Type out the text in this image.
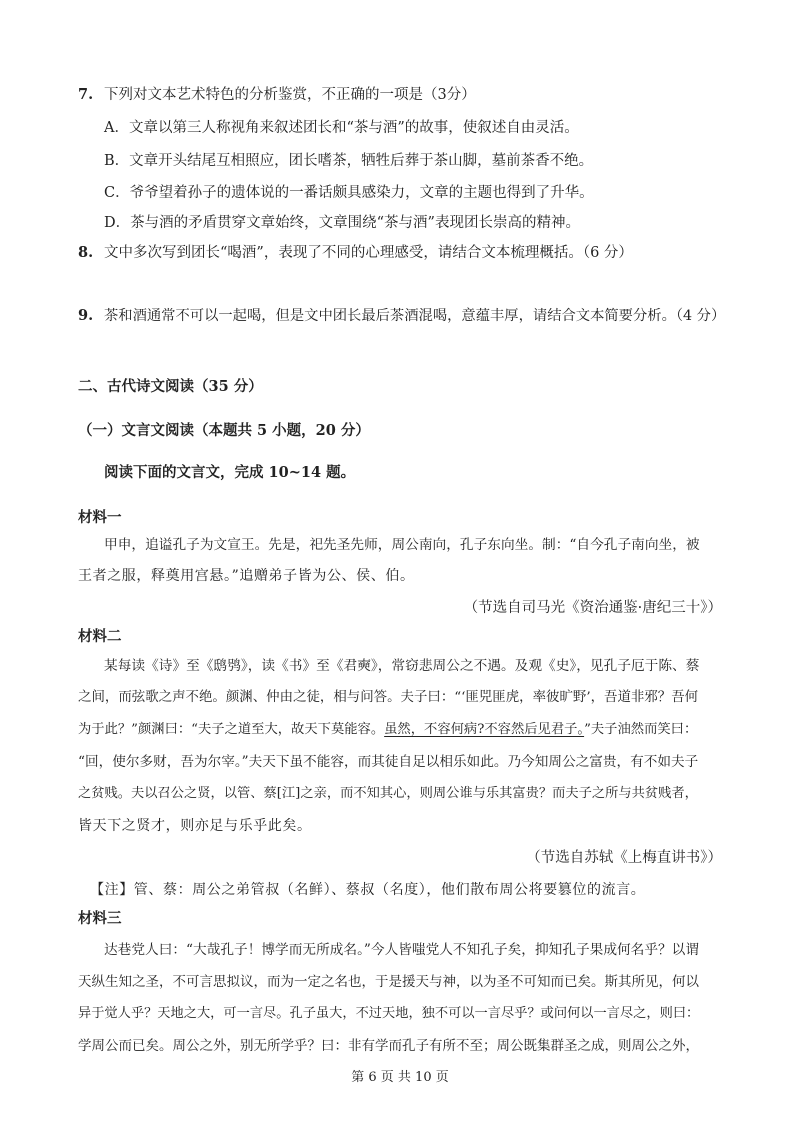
7. 下列对文本艺术特色的分析鉴赏，不正确的一项是（3分）
A．文章以第三人称视角来叙述团长和“茶与酒”的故事，使叙述自由灵活。
B．文章开头结尾互相照应，团长嗜茶，牺牲后葬于茶山脚，墓前茶香不绝。
C．爷爷望着孙子的遗体说的一番话颇具感染力，文章的主题也得到了升华。
D．茶与酒的矛盾贯穿文章始终，文章围绕“茶与酒”表现团长崇高的精神。
8. 文中多次写到团长“喝酒”，表现了不同的心理感受，请结合文本梳理概括。（6 分）
9. 茶和酒通常不可以一起喝，但是文中团长最后茶酒混喝，意蕴丰厚，请结合文本简要分析。（4 分）
二、古代诗文阅读（35 分）
（一）文言文阅读（本题共 5 小题，20 分）
阅读下面的文言文，完成 10~14 题。
材料一
甲申，追谥孔子为文宣王。先是，祀先圣先师，周公南向，孔子东向坐。制：“自今孔子南向坐，被
王者之服，释奠用宫悬。”追赠弟子皆为公、侯、伯。
（节选自司马光《资治通鉴·唐纪三十》）
材料二
某每读《诗》至《鸱鸮》，读《书》至《君奭》，常窃悲周公之不遇。及观《史》，见孔子厄于陈、蔡
之间，而弦歌之声不绝。颜渊、仲由之徒，相与问答。夫子曰：“‘匪兕匪虎，率彼旷野’，吾道非邪？吾何
为于此？”颜渊曰：“夫子之道至大，故天下莫能容。虽然，不容何病?不容然后见君子。”夫子油然而笑曰：
“回，使尔多财，吾为尔宰。”夫天下虽不能容，而其徒自足以相乐如此。乃今知周公之富贵，有不如夫子
之贫贱。夫以召公之贤，以管、蔡[江]之亲，而不知其心，则周公谁与乐其富贵？而夫子之所与共贫贱者，
皆天下之贤才，则亦足与乐乎此矣。
（节选自苏轼《上梅直讲书》）
【注】管、蔡：周公之弟管叔（名鲜）、蔡叔（名度），他们散布周公将要篡位的流言。
材料三
达巷党人曰：“大哉孔子！博学而无所成名。”今人皆嗤党人不知孔子矣，抑知孔子果成何名乎？以谓
天纵生知之圣，不可言思拟议，而为一定之名也，于是援天与神，以为圣不可知而已矣。斯其所见，何以
异于觉人乎？天地之大，可一言尽。孔子虽大，不过天地，独不可以一言尽乎？或问何以一言尽之，则曰：
学周公而已矣。周公之外，别无所学乎？曰：非有学而孔子有所不至；周公既集群圣之成，则周公之外，
第 6 页 共 10 页
